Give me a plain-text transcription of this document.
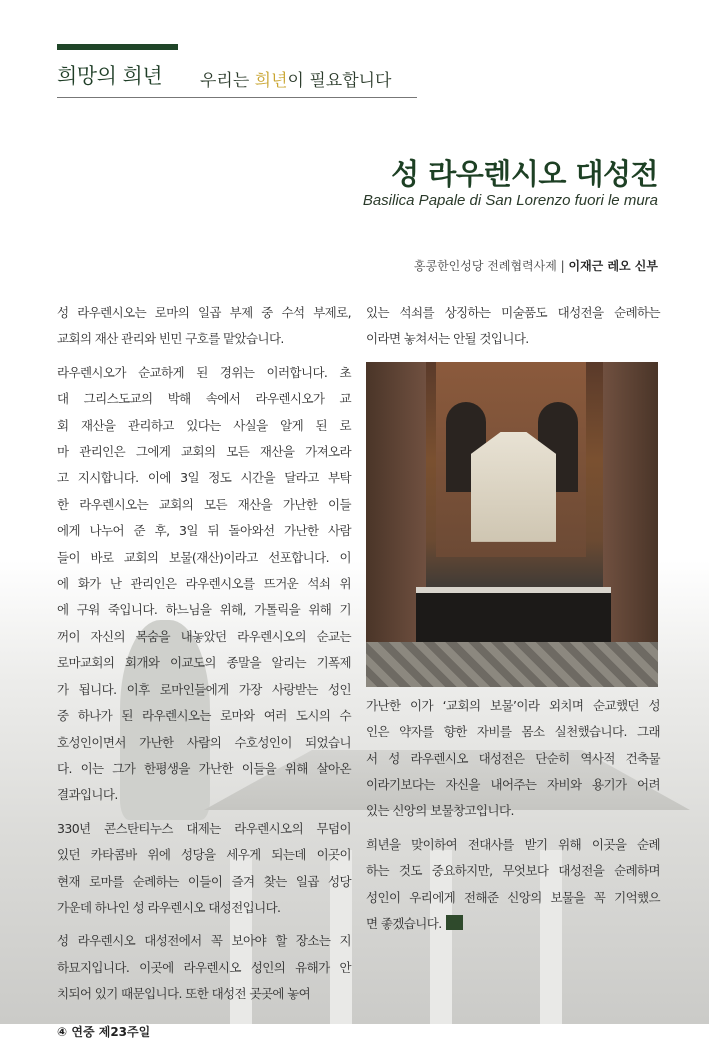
희망의 희년 우리는 희년이 필요합니다
성 라우렌시오 대성전
Basilica Papale di San Lorenzo fuori le mura
홍콩한인성당 전례협력사제 | 이재근 레오 신부
성 라우렌시오는 로마의 일곱 부제 중 수석 부제로,
교회의 재산 관리와 빈민 구호를 맡았습니다.
라우렌시오가 순교하게 된 경위는 이러합니다. 초
대 그리스도교의 박해 속에서 라우렌시오가 교
회 재산을 관리하고 있다는 사실을 알게 된 로
마 관리인은 그에게 교회의 모든 재산을 가져오라
고 지시합니다. 이에 3일 정도 시간을 달라고 부탁
한 라우렌시오는 교회의 모든 재산을 가난한 이들
에게 나누어 준 후, 3일 뒤 돌아와선 가난한 사람
들이 바로 교회의 보물(재산)이라고 선포합니다. 이
에 화가 난 관리인은 라우렌시오를 뜨거운 석쇠 위
에 구워 죽입니다. 하느님을 위해, 가톨릭을 위해 기
꺼이 자신의 목숨을 내놓았던 라우렌시오의 순교는
로마교회의 회개와 이교도의 종말을 알리는 기폭제
가 됩니다. 이후 로마인들에게 가장 사랑받는 성인
중 하나가 된 라우렌시오는 로마와 여러 도시의 수
호성인이면서 가난한 사람의 수호성인이 되었습니
다. 이는 그가 한평생을 가난한 이들을 위해 살아온
결과입니다.
330년 콘스탄티누스 대제는 라우렌시오의 무덤이
있던 카타콤바 위에 성당을 세우게 되는데 이곳이
현재 로마를 순례하는 이들이 즐겨 찾는 일곱 성당
가운데 하나인 성 라우렌시오 대성전입니다.
성 라우렌시오 대성전에서 꼭 보아야 할 장소는 지
하묘지입니다. 이곳에 라우렌시오 성인의 유해가 안
치되어 있기 때문입니다. 또한 대성전 곳곳에 놓여
④ 연중 제23주일
있는 석쇠를 상징하는 미술품도 대성전을 순례하는
이라면 놓쳐서는 안될 것입니다.
가난한 이가 ‘교회의 보물’이라 외치며 순교했던 성
인은 약자를 향한 자비를 몸소 실천했습니다. 그래
서 성 라우렌시오 대성전은 단순히 역사적 건축물
이라기보다는 자신을 내어주는 자비와 용기가 어려
있는 신앙의 보물창고입니다.
희년을 맞이하여 전대사를 받기 위해 이곳을 순례
하는 것도 중요하지만, 무엇보다 대성전을 순례하며
성인이 우리에게 전해준 신앙의 보물을 꼭 기억했으
면 좋겠습니다.
